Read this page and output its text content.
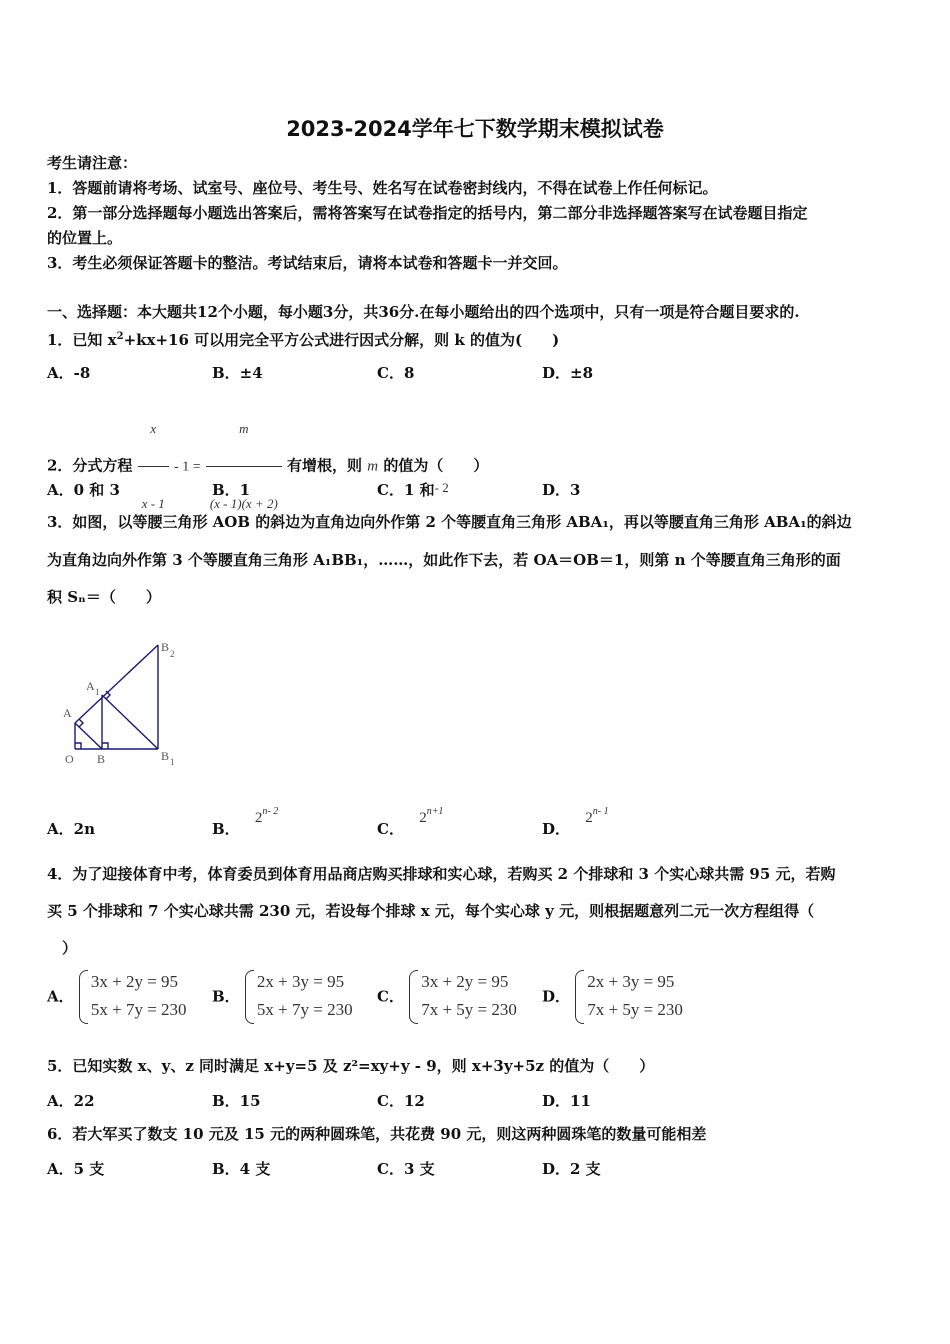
2023-2024学年七下数学期末模拟试卷
考生请注意：
1．答题前请将考场、试室号、座位号、考生号、姓名写在试卷密封线内，不得在试卷上作任何标记。
2．第一部分选择题每小题选出答案后，需将答案写在试卷指定的括号内，第二部分非选择题答案写在试卷题目指定
的位置上。
3．考生必须保证答题卡的整洁。考试结束后，请将本试卷和答题卡一并交回。
一、选择题：本大题共12个小题，每小题3分，共36分.在每小题给出的四个选项中，只有一项是符合题目要求的.
1．已知 $x^2+kx+16$ 可以用完全平方公式进行因式分解，则 k 的值为(　　)
A．-8	B．±4	C．8	D．±8
2．分式方程 $\frac{x}{x - 1} - 1 = \frac{m}{(x - 1)(x + 2)}$ 有增根，则 m 的值为（　　）
A．0 和 3	B．1	C．1 和- 2	D．3
3．如图，以等腰三角形 AOB 的斜边为直角边向外作第 2 个等腰直角三角形 ABA₁，再以等腰直角三角形 ABA₁的斜边
为直角边向外作第 3 个等腰直角三角形 A₁BB₁，……，如此作下去，若 OA＝OB＝1，则第 n 个等腰直角三角形的面
积 Sₙ＝（　　）
B 2
A 1
A
O B	B 1
A．2n	B． 2$^{n- 2}$
C． $2^{n+1}$
D． 2$^{n- 1}$
4．为了迎接体育中考，体育委员到体育用品商店购买排球和实心球，若购买 2 个排球和 3 个实心球共需 95 元，若购
买 5 个排球和 7 个实心球共需 230 元，若设每个排球 x 元，每个实心球 y 元，则根据题意列二元一次方程组得（
）
A．
3x + 2y = 95
5x + 7y = 230
B．
2x + 3y = 95
5x + 7y = 230
C．
3x + 2y = 95
7x + 5y = 230
D．
2x + 3y = 95
7x + 5y = 230
5．已知实数 x、y、z 同时满足 x+y=5 及 z²=xy+y - 9，则 x+3y+5z 的值为（　　）
A．22	B．15	C．12	D．11
6．若大军买了数支 10 元及 15 元的两种圆珠笔，共花费 90 元，则这两种圆珠笔的数量可能相差
A．5 支	B．4 支	C．3 支	D．2 支
